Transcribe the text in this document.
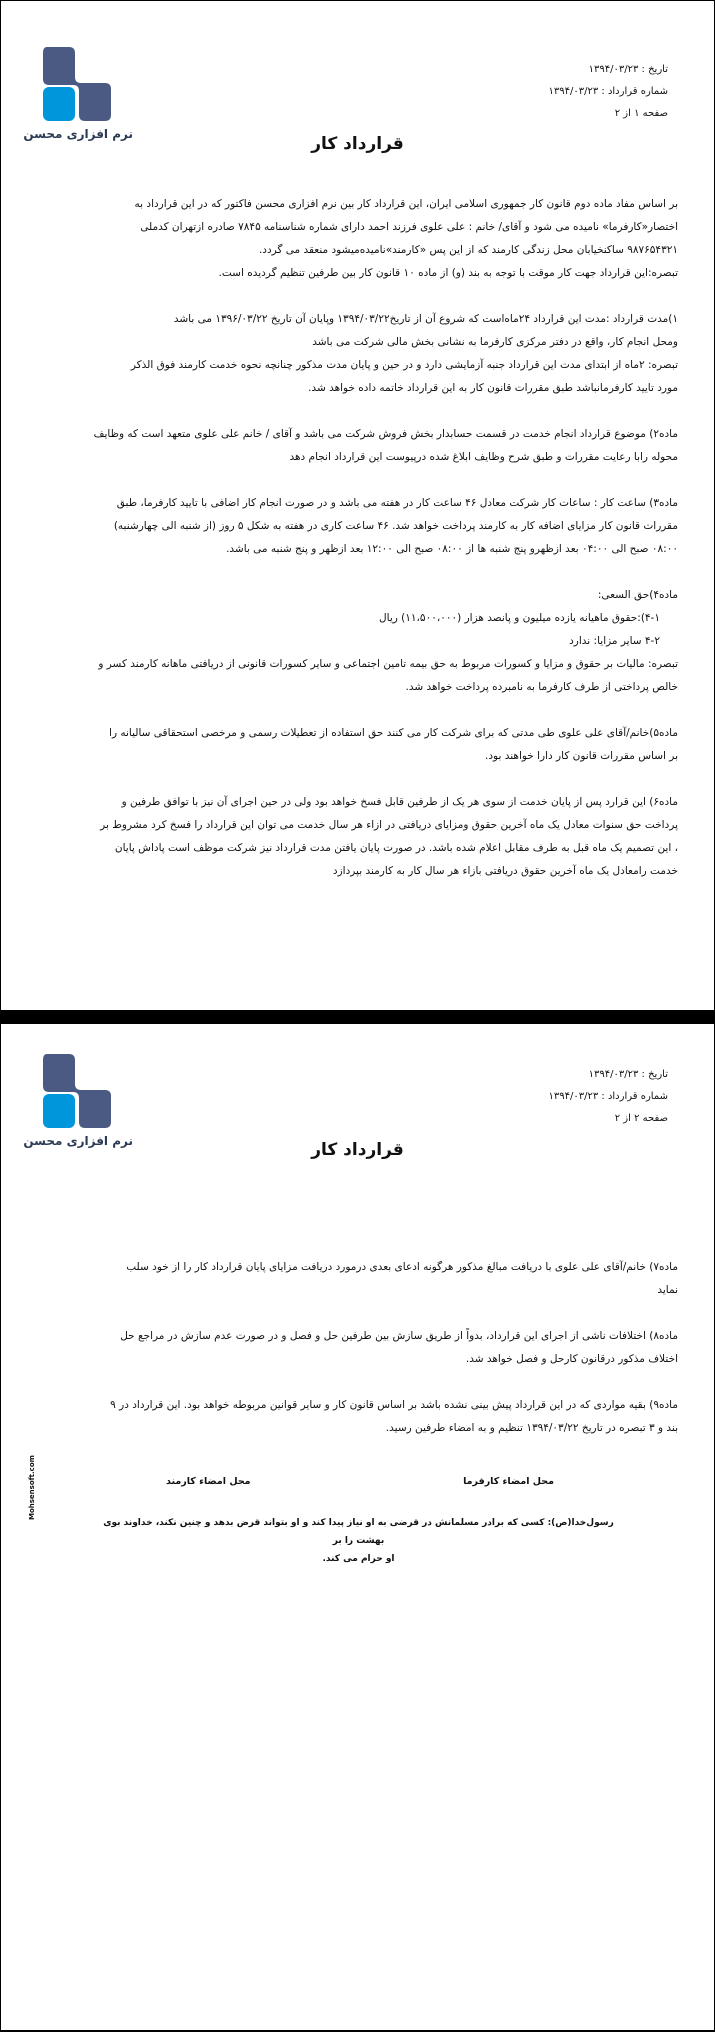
نرم افزاری محسن
تاریخ : ۱۳۹۴/۰۳/۲۳
شماره قرارداد : ۱۳۹۴/۰۳/۲۳
صفحه ۱ از ۲
قرارداد کار
بر اساس مفاد ماده دوم قانون کار جمهوری اسلامی ایران، این قرارداد کار بین نرم افزاری محسن فاکتور که در این قرارداد به
اختصار«کارفرما» نامیده می شود و آقای/ خانم : علی علوی فرزند احمد دارای شماره شناسنامه ۷۸۴۵ صادره ازتهران کدملی
۹۸۷۶۵۴۳۲۱ ساکنخیابان محل زندگی کارمند که از این پس «کارمند»نامیده‌میشود منعقد می گردد.
تبصره:این قرارداد جهت کار موقت با توجه به بند (و) از ماده ۱۰ قانون کار بین طرفین تنظیم گردیده است.
۱)مدت قرارداد :مدت این قرارداد ۲۴ماه‌است که شروع آن از تاریخ۱۳۹۴/۰۳/۲۲ وپایان آن تاریخ ۱۳۹۶/۰۳/۲۲ می باشد
ومحل انجام کار، واقع در دفتر مرکزی کارفرما به نشانی بخش مالی شرکت می باشد
تبصره: ۲ماه از ابتدای مدت این قرارداد جنبه آزمایشی دارد و در حین و پایان مدت مذکور چنانچه نحوه خدمت کارمند فوق الذکر
مورد تایید کارفرمانباشد طبق مقررات قانون کار به این قرارداد خاتمه داده خواهد شد.
ماده۲) موضوع قرارداد انجام خدمت در قسمت حسابدار بخش فروش شرکت می باشد و آقای / خانم علی علوی متعهد است که وظایف
محوله رابا رعایت مقررات و طبق شرح وظایف ابلاغ شده درپیوست این قرارداد انجام دهد
ماده۳) ساعت کار : ساعات کار شرکت معادل ۴۶ ساعت کار در هفته می باشد و در صورت انجام کار اضافی با تایید کارفرما، طبق
مقررات قانون کار مزایای اضافه کار به کارمند پرداخت خواهد شد. ۴۶ ساعت کاری در هفته به شکل ۵ روز (از شنبه الی چهارشنبه)
۰۸:۰۰ صبح الی ۰۴:۰۰ بعد ازظهرو پنج شنبه ها از ۰۸:۰۰ صبح الی ۱۲:۰۰ بعد ازظهر و پنج شنبه می باشد.
ماده۴)حق السعی:
۴-۱):حقوق ماهیانه یازده میلیون و پانصد هزار (۱۱،۵۰۰،۰۰۰) ریال
۴-۲ سایر مزایا: ندارد
تبصره: مالیات بر حقوق و مزایا و کسورات مربوط به حق بیمه تامین اجتماعی و سایر کسورات قانونی از دریافتی ماهانه کارمند کسر و
خالص پرداختی از طرف کارفرما به نامبرده پرداخت خواهد شد.
ماده۵)خانم/آقای علی علوی طی مدتی که برای شرکت کار می کنند حق استفاده از تعطیلات رسمی و مرخصی استحقاقی سالیانه را
بر اساس مقررات قانون کار دارا خواهند بود.
ماده۶) این قرارد پس از پایان خدمت از سوی هر یک از طرفین قابل فسخ خواهد بود ولی در حین اجرای آن نیز با توافق طرفین و
پرداخت حق سنوات معادل یک ماه آخرین حقوق ومزایای دریافتی در ازاء هر سال خدمت می توان این قرارداد را فسخ کرد مشروط بر
، این تصمیم یک ماه قبل به طرف مقابل اعلام شده باشد. در صورت پایان یافتن مدت قرارداد نیز شرکت موظف است پاداش پایان
خدمت رامعادل یک ماه آخرین حقوق دریافتی بازاء هر سال کار به کارمند بپردازد
نرم افزاری محسن
تاریخ : ۱۳۹۴/۰۳/۲۳
شماره قرارداد : ۱۳۹۴/۰۳/۲۳
صفحه ۲ از ۲
قرارداد کار
ماده۷) خانم/آقای علی علوی با دریافت مبالغ مذکور هرگونه ادعای بعدی درمورد دریافت مزایای پایان قرارداد کار را از خود سلب
نماید
ماده۸) اختلافات ناشی از اجرای این قرارداد، بدواً از طریق سازش بین طرفین حل و فصل و در صورت عدم سازش در مراجع حل
اختلاف مذکور درقانون کارحل و فصل خواهد شد.
ماده۹) بقیه مواردی که در این قرارداد پیش بینی نشده باشد بر اساس قانون کار و سایر قوانین مربوطه خواهد بود. این قرارداد در ۹
بند و ۳ تبصره در تاریخ ۱۳۹۴/۰۳/۲۲ تنظیم و به امضاء طرفین رسید.
محل امضاء کارفرما
محل امضاء کارمند
رسول‌خدا(ص): کسی که برادر مسلمانش در قرضی به او نیاز پیدا کند و او بتواند قرض بدهد و چنین نکند، خداوند بوی بهشت را بر
او حرام می کند.
Mohsensoft.com
